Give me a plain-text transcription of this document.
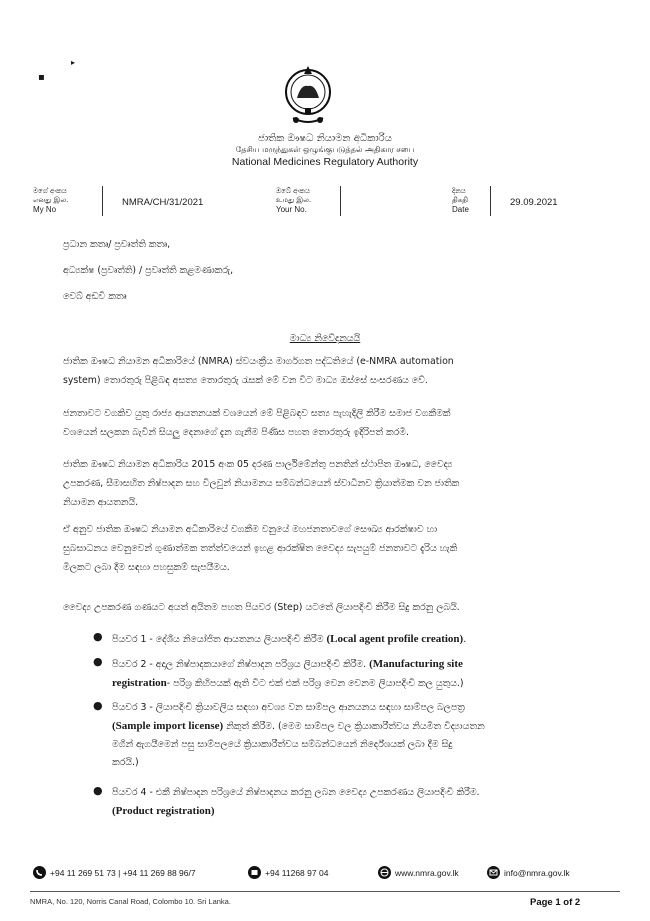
▪
▸
ජාතික ඖෂධ නියාමන අධිකාරිය
தேசிய மருந்துகள் ஒழுங்குபடுத்தல் அதிகார சபை
National Medicines Regulatory Authority
මගේ අංකය
எனது இல.
My No
NMRA/CH/31/2021
ඔබේ අංකය
உமது இல.
Your No.
දිනය
திகதி
Date
29.09.2021
ප්‍රධාන කතෘ/ ප්‍රවෘත්ති කතෘ,
අධ්‍යක්ෂ (ප්‍රවෘත්ති) / ප්‍රවෘත්ති කළමණාකරු,
වෙබ් අඩවි කතෘ
මාධ්‍ය නිවේදනයයි
ජාතික ඖෂධ නියාමන අධිකාරියේ (NMRA) ස්වයංක්‍රීය මාර්ගගත පද්ධතියේ (e-NMRA automation
system) තොරතුරු පිළිබඳ අසත්‍ය තොරතුරු රැසක් මේ වන විට මාධ්‍ය ඔස්සේ සංසරණය වේ.
ජනතාවට වගකිව යුතු රාජ්‍ය ආයතනයක් වශයෙන් මේ පිළිබඳව සත්‍ය පැහැදිලි කිරීම සමාජ වගකීමක්
වශයෙන් සලකන බැවින් සියලු දෙනාගේ දැන ගැනීම පිණිස පහත තොරතුරු ඉදිරිපත් කරමි.
ජාතික ඖෂධ නියාමන අධිකාරිය 2015 අංක 05 දරණ පාර්ලිමේන්තු පනතින් ස්ථාපිත ඖෂධ, වෛද්‍ය
උපකරණ, සීමාසහිත නිෂ්පාදන සහ විලවුන් නියාමනය සම්බන්ධයෙන් ස්වාධීනව ක්‍රියාත්මක වන ජාතික
නියාමන ආයතනයි.
ඒ අනුව ජාතික ඖෂධ නියාමන අධිකාරියේ වගකීම වනුයේ මහජනතාවගේ සෞඛ්‍ය ආරක්ෂාව හා
සුබසාධනය වෙනුවෙන් ගුණාත්මක තත්ත්වයෙන් ඉහළ ආරක්ෂිත වෛද්‍ය සැපයුම් ජනතාවට දැරිය හැකි
මිලකට ලබා දීම සඳහා පහසුකම් සැපයීමය.
වෛද්‍ය උපකරණ ගණයට අයත් අයිතම පහත පියවර (Step) යටතේ ලියාපදිංචි කිරීම සිදු කරනු ලබයි.
● පියවර 1 - දේශීය නියෝජිත ආයතනය ලියාපදිංචි කිරීම (Local agent profile creation).
● පියවර 2 - අදාල නිෂ්පාදකයාගේ නිෂ්පාදන පරිශ්‍රය ලියාපදිංචි කිරීම. (Manufacturing site
registration- පරිශ්‍ර කිහිපයක් ඇති විට එක් එක් පරිශ්‍ර වෙන වෙනම ලියාපදිංචි කල යුතුය.)
● පියවර 3 - ලියාපදිංචි ක්‍රියාවලිය සඳහා අවශ්‍ය වන සාම්පල ආනයනය සඳහා සාම්පල බලපත්‍ර
(Sample import license) නිකුත් කිරීම. (මෙම සාම්පල වල ක්‍රියාකාරීත්වය නියමිත විද්‍යායතන
මගින් ඇගයීමෙන් පසු සාම්පලයේ ක්‍රියාකාරීත්වය සම්බන්ධයෙන් නිර්දේශයක් ලබා දීම සිදු
කරයි.)
● පියවර 4 - එකී නිෂ්පාදන පරිශ්‍රයේ නිෂ්පාදනය කරනු ලබන වෛද්‍ය උපකරණය ලියාපදිංචි කිරීම.
(Product registration)
+94 11 269 51 73 | +94 11 269 88 96/7	+94 11268 97 04	www.nmra.gov.lk	info@nmra.gov.lk
NMRA, No. 120, Norris Canal Road, Colombo 10. Sri Lanka.	Page 1 of 2
